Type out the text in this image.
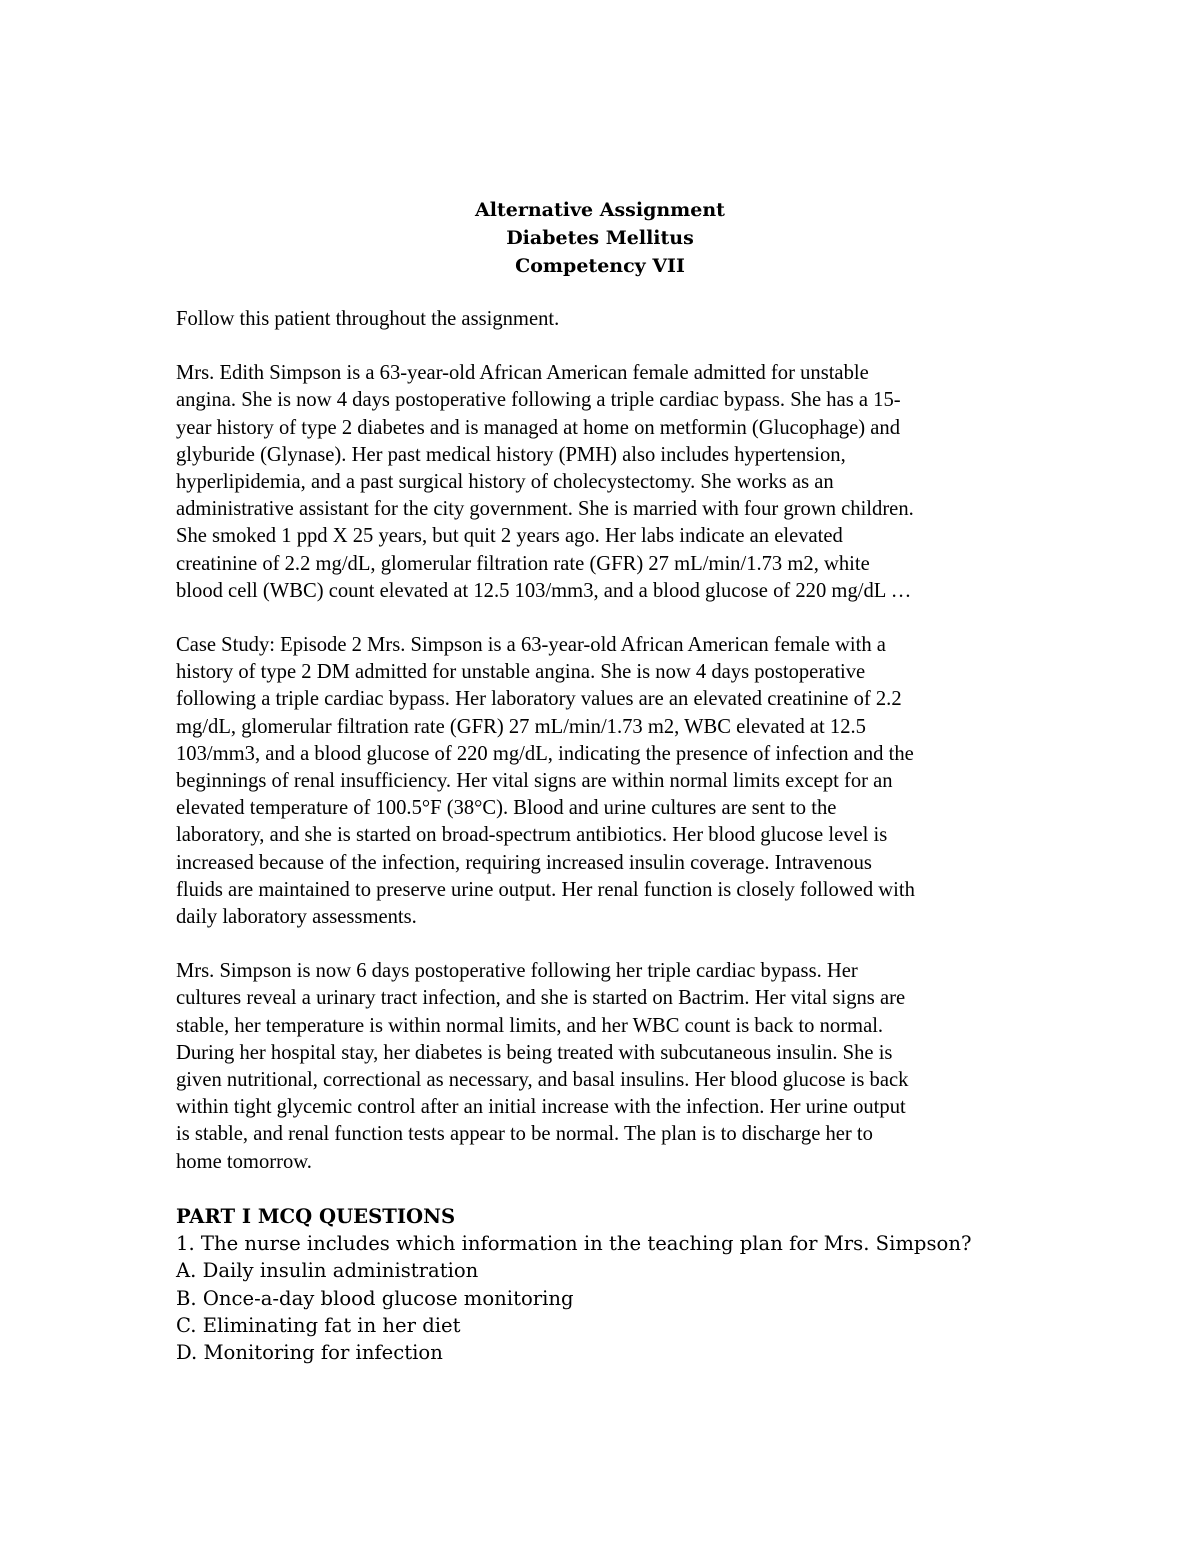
Alternative Assignment
Diabetes Mellitus
Competency VII
Follow this patient throughout the assignment.

Mrs. Edith Simpson is a 63-year-old African American female admitted for unstable

angina. She is now 4 days postoperative following a triple cardiac bypass. She has a 15-

year history of type 2 diabetes and is managed at home on metformin (Glucophage) and

glyburide (Glynase). Her past medical history (PMH) also includes hypertension,

hyperlipidemia, and a past surgical history of cholecystectomy. She works as an

administrative assistant for the city government. She is married with four grown children.

She smoked 1 ppd X 25 years, but quit 2 years ago. Her labs indicate an elevated

creatinine of 2.2 mg/dL, glomerular filtration rate (GFR) 27 mL/min/1.73 m2, white

blood cell (WBC) count elevated at 12.5 103/mm3, and a blood glucose of 220 mg/dL …

Case Study: Episode 2 Mrs. Simpson is a 63-year-old African American female with a

history of type 2 DM admitted for unstable angina. She is now 4 days postoperative

following a triple cardiac bypass. Her laboratory values are an elevated creatinine of 2.2

mg/dL, glomerular filtration rate (GFR) 27 mL/min/1.73 m2, WBC elevated at 12.5

103/mm3, and a blood glucose of 220 mg/dL, indicating the presence of infection and the

beginnings of renal insufficiency. Her vital signs are within normal limits except for an

elevated temperature of 100.5°F (38°C). Blood and urine cultures are sent to the

laboratory, and she is started on broad-spectrum antibiotics. Her blood glucose level is

increased because of the infection, requiring increased insulin coverage. Intravenous

fluids are maintained to preserve urine output. Her renal function is closely followed with

daily laboratory assessments.

Mrs. Simpson is now 6 days postoperative following her triple cardiac bypass. Her

cultures reveal a urinary tract infection, and she is started on Bactrim. Her vital signs are

stable, her temperature is within normal limits, and her WBC count is back to normal.

During her hospital stay, her diabetes is being treated with subcutaneous insulin. She is

given nutritional, correctional as necessary, and basal insulins. Her blood glucose is back

within tight glycemic control after an initial increase with the infection. Her urine output

is stable, and renal function tests appear to be normal. The plan is to discharge her to

home tomorrow.

PART I MCQ QUESTIONS
1. The nurse includes which information in the teaching plan for Mrs. Simpson?
A. Daily insulin administration
B. Once-a-day blood glucose monitoring
C. Eliminating fat in her diet
D. Monitoring for infection
